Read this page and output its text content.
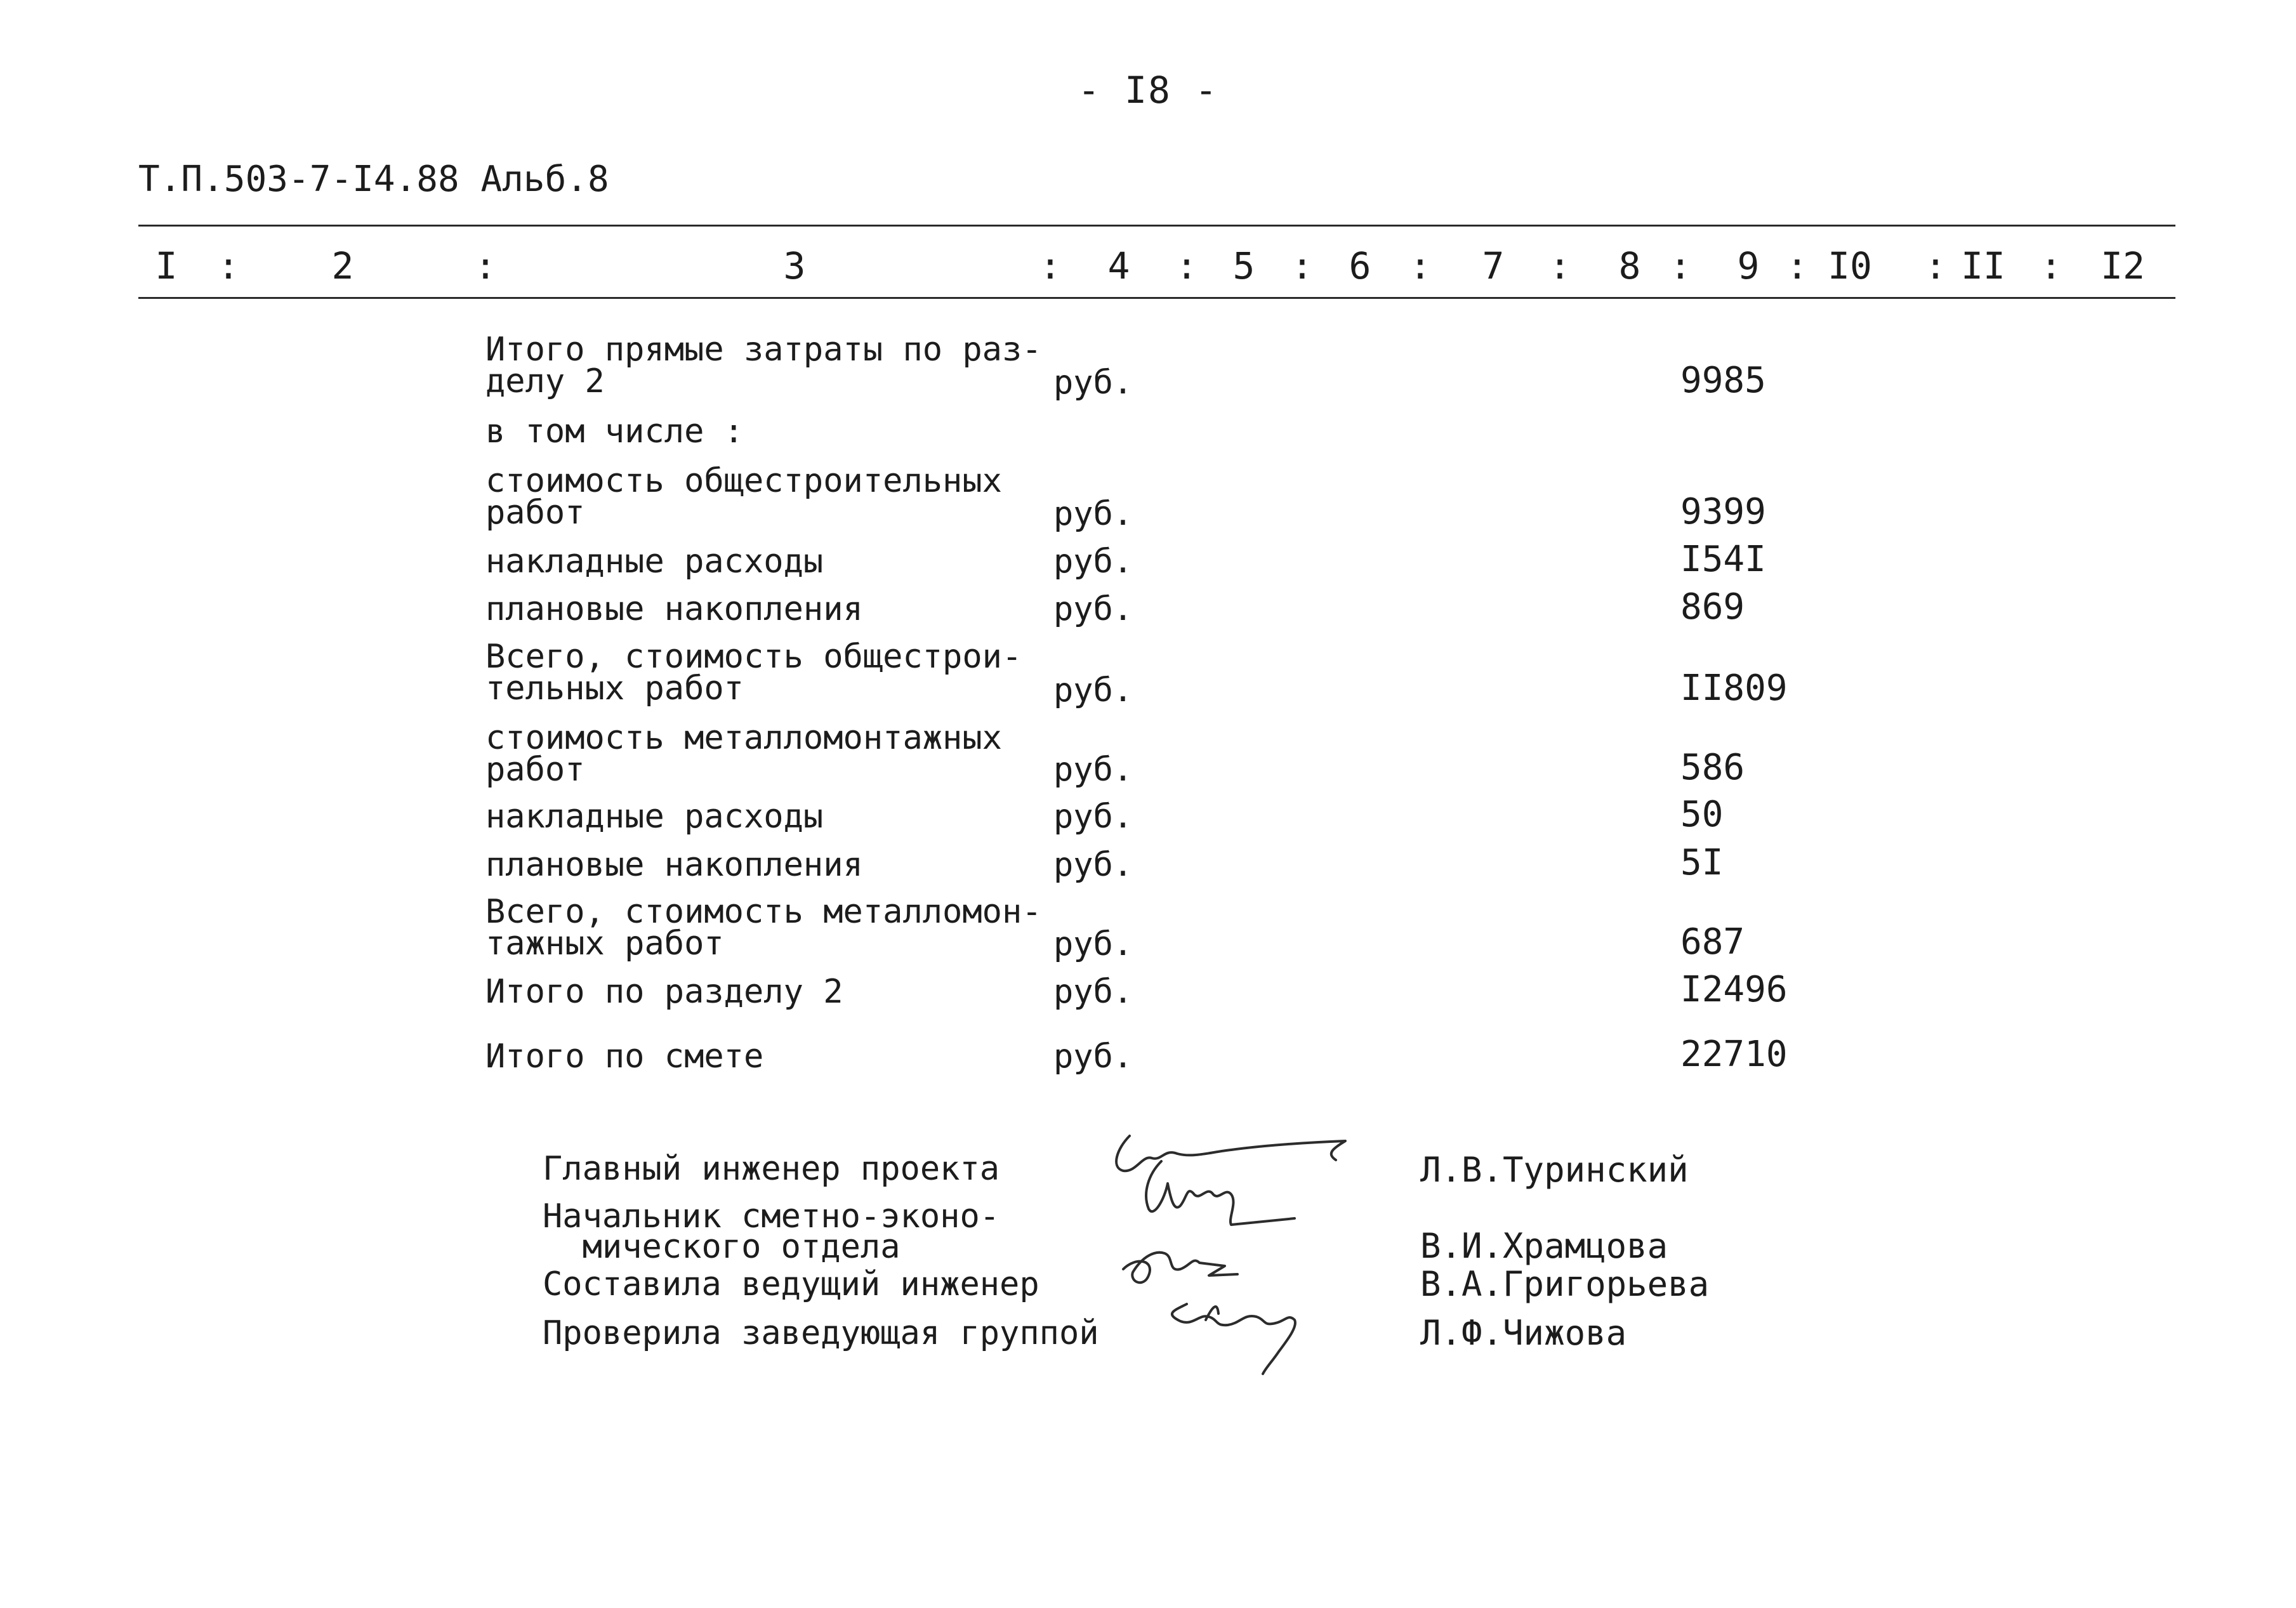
- I8 -
Т.П.503-7-I4.88 Альб.8
I :	2	:	3	: 4 : 5 : 6 : 7 : 8 : 9 : I0 : II : I2
Итого прямые затраты по раз-
делу 2	руб.	9985
в том числе :
стоимость общестроительных
работ	руб.	9399
накладные расходы	руб.	I54I
плановые накопления	руб.	869
Всего, стоимость общестрои-
тельных работ	руб.	II809
стоимость металломонтажных
работ	руб.	586
накладные расходы	руб.	50
плановые накопления	руб.	5I
Всего, стоимость металломон-
тажных работ	руб.	687
Итого по разделу 2	руб.	I2496
Итого по смете	руб.	22710
Главный инженер проекта	Л.В.Туринский
Начальник сметно-эконо-
мического отдела	В.И.Храмцова
Составила ведущий инженер	В.А.Григорьева
Проверила заведующая группой	Л.Ф.Чижова
